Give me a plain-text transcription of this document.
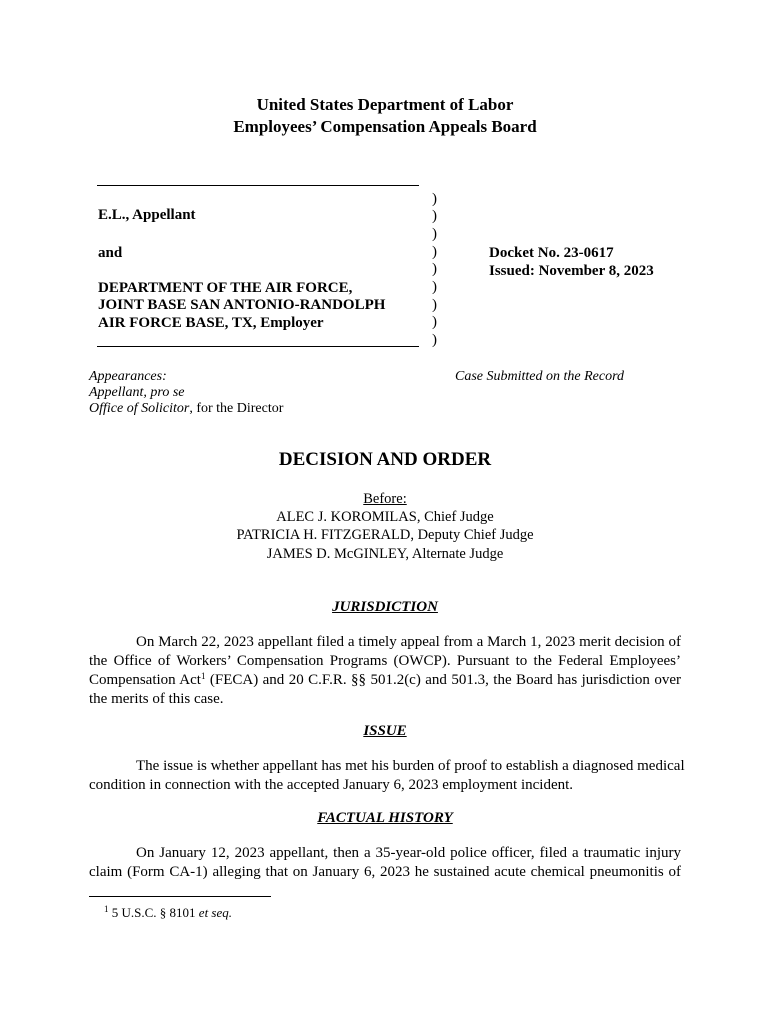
United States Department of Labor
Employees’ Compensation Appeals Board
E.L., Appellant
and
DEPARTMENT OF THE AIR FORCE,
JOINT BASE SAN ANTONIO-RANDOLPH
AIR FORCE BASE, TX, Employer
)
)
)
)
)
)
)
)
)
Docket No. 23-0617
Issued: November 8, 2023
Appearances:
Appellant, pro se
Office of Solicitor, for the Director
Case Submitted on the Record
DECISION AND ORDER
Before:
ALEC J. KOROMILAS, Chief Judge
PATRICIA H. FITZGERALD, Deputy Chief Judge
JAMES D. McGINLEY, Alternate Judge
JURISDICTION
On March 22, 2023 appellant filed a timely appeal from a March 1, 2023 merit decision of
the Office of Workers’ Compensation Programs (OWCP). Pursuant to the Federal Employees’
Compensation Act$^1$ (FECA) and 20 C.F.R. §§ 501.2(c) and 501.3, the Board has jurisdiction over
the merits of this case.
ISSUE
The issue is whether appellant has met his burden of proof to establish a diagnosed medical
condition in connection with the accepted January 6, 2023 employment incident.
FACTUAL HISTORY
On January 12, 2023 appellant, then a 35-year-old police officer, filed a traumatic injury
claim (Form CA-1) alleging that on January 6, 2023 he sustained acute chemical pneumonitis of
$^1$ 5 U.S.C. § 8101 et seq.
